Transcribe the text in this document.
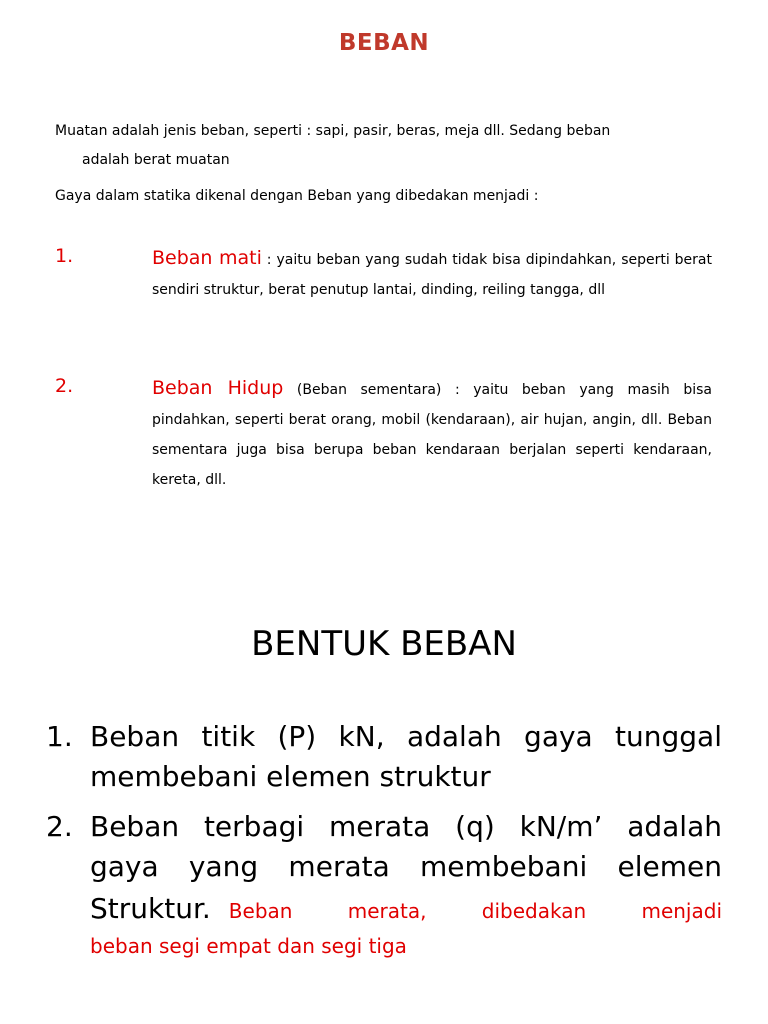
BEBAN
Muatan adalah jenis beban, seperti : sapi, pasir, beras, meja dll. Sedang beban
adalah berat muatan
Gaya dalam statika dikenal dengan Beban yang dibedakan menjadi :
1.	Beban mati : yaitu beban yang sudah tidak bisa dipindahkan, seperti berat sendiri struktur, berat penutup lantai, dinding, reiling tangga, dll
2.	Beban Hidup (Beban sementara) : yaitu beban yang masih bisa pindahkan, seperti berat orang, mobil (kendaraan), air hujan, angin, dll. Beban sementara juga bisa berupa beban kendaraan berjalan seperti kendaraan, kereta, dll.
BENTUK BEBAN
1. Beban titik (P) kN, adalah gaya tunggal
membebani elemen struktur
2. Beban terbagi merata (q) kN/m’ adalah
gaya yang merata membebani elemen
Struktur. Beban merata, dibedakan menjadi
beban segi empat dan segi tiga
